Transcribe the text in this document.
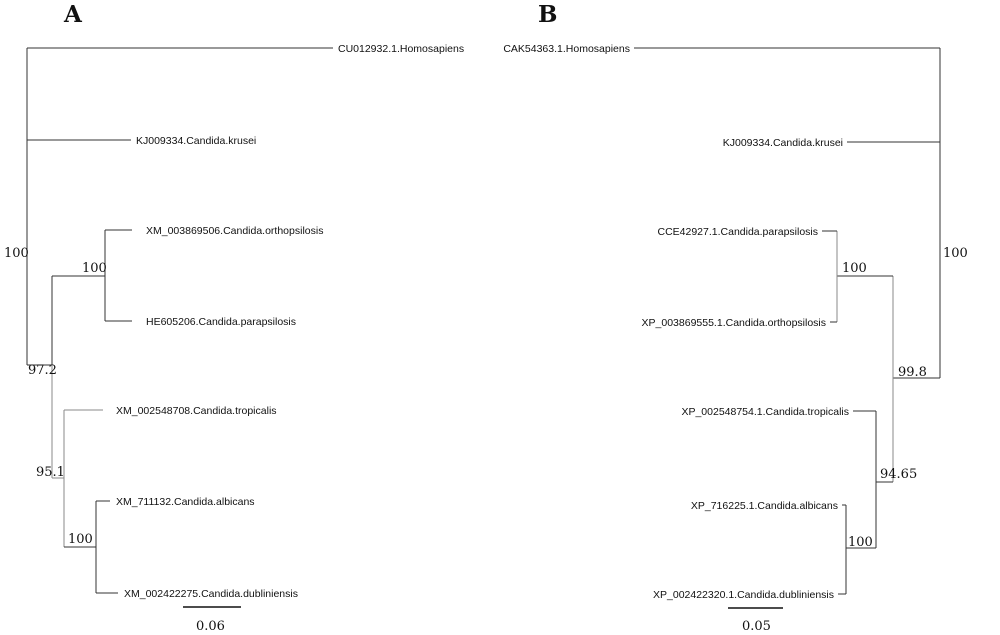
A
CU012932.1.Homosapiens
KJ009334.Candida.krusei
XM_003869506.Candida.orthopsilosis
HE605206.Candida.parapsilosis
XM_002548708.Candida.tropicalis
XM_711132.Candida.albicans
XM_002422275.Candida.dubliniensis
100
100
97.2
95.1
100
0.06
B
CAK54363.1.Homosapiens
KJ009334.Candida.krusei
CCE42927.1.Candida.parapsilosis
XP_003869555.1.Candida.orthopsilosis
XP_002548754.1.Candida.tropicalis
XP_716225.1.Candida.albicans
XP_002422320.1.Candida.dubliniensis
100
100
99.8
94.65
100
0.05
